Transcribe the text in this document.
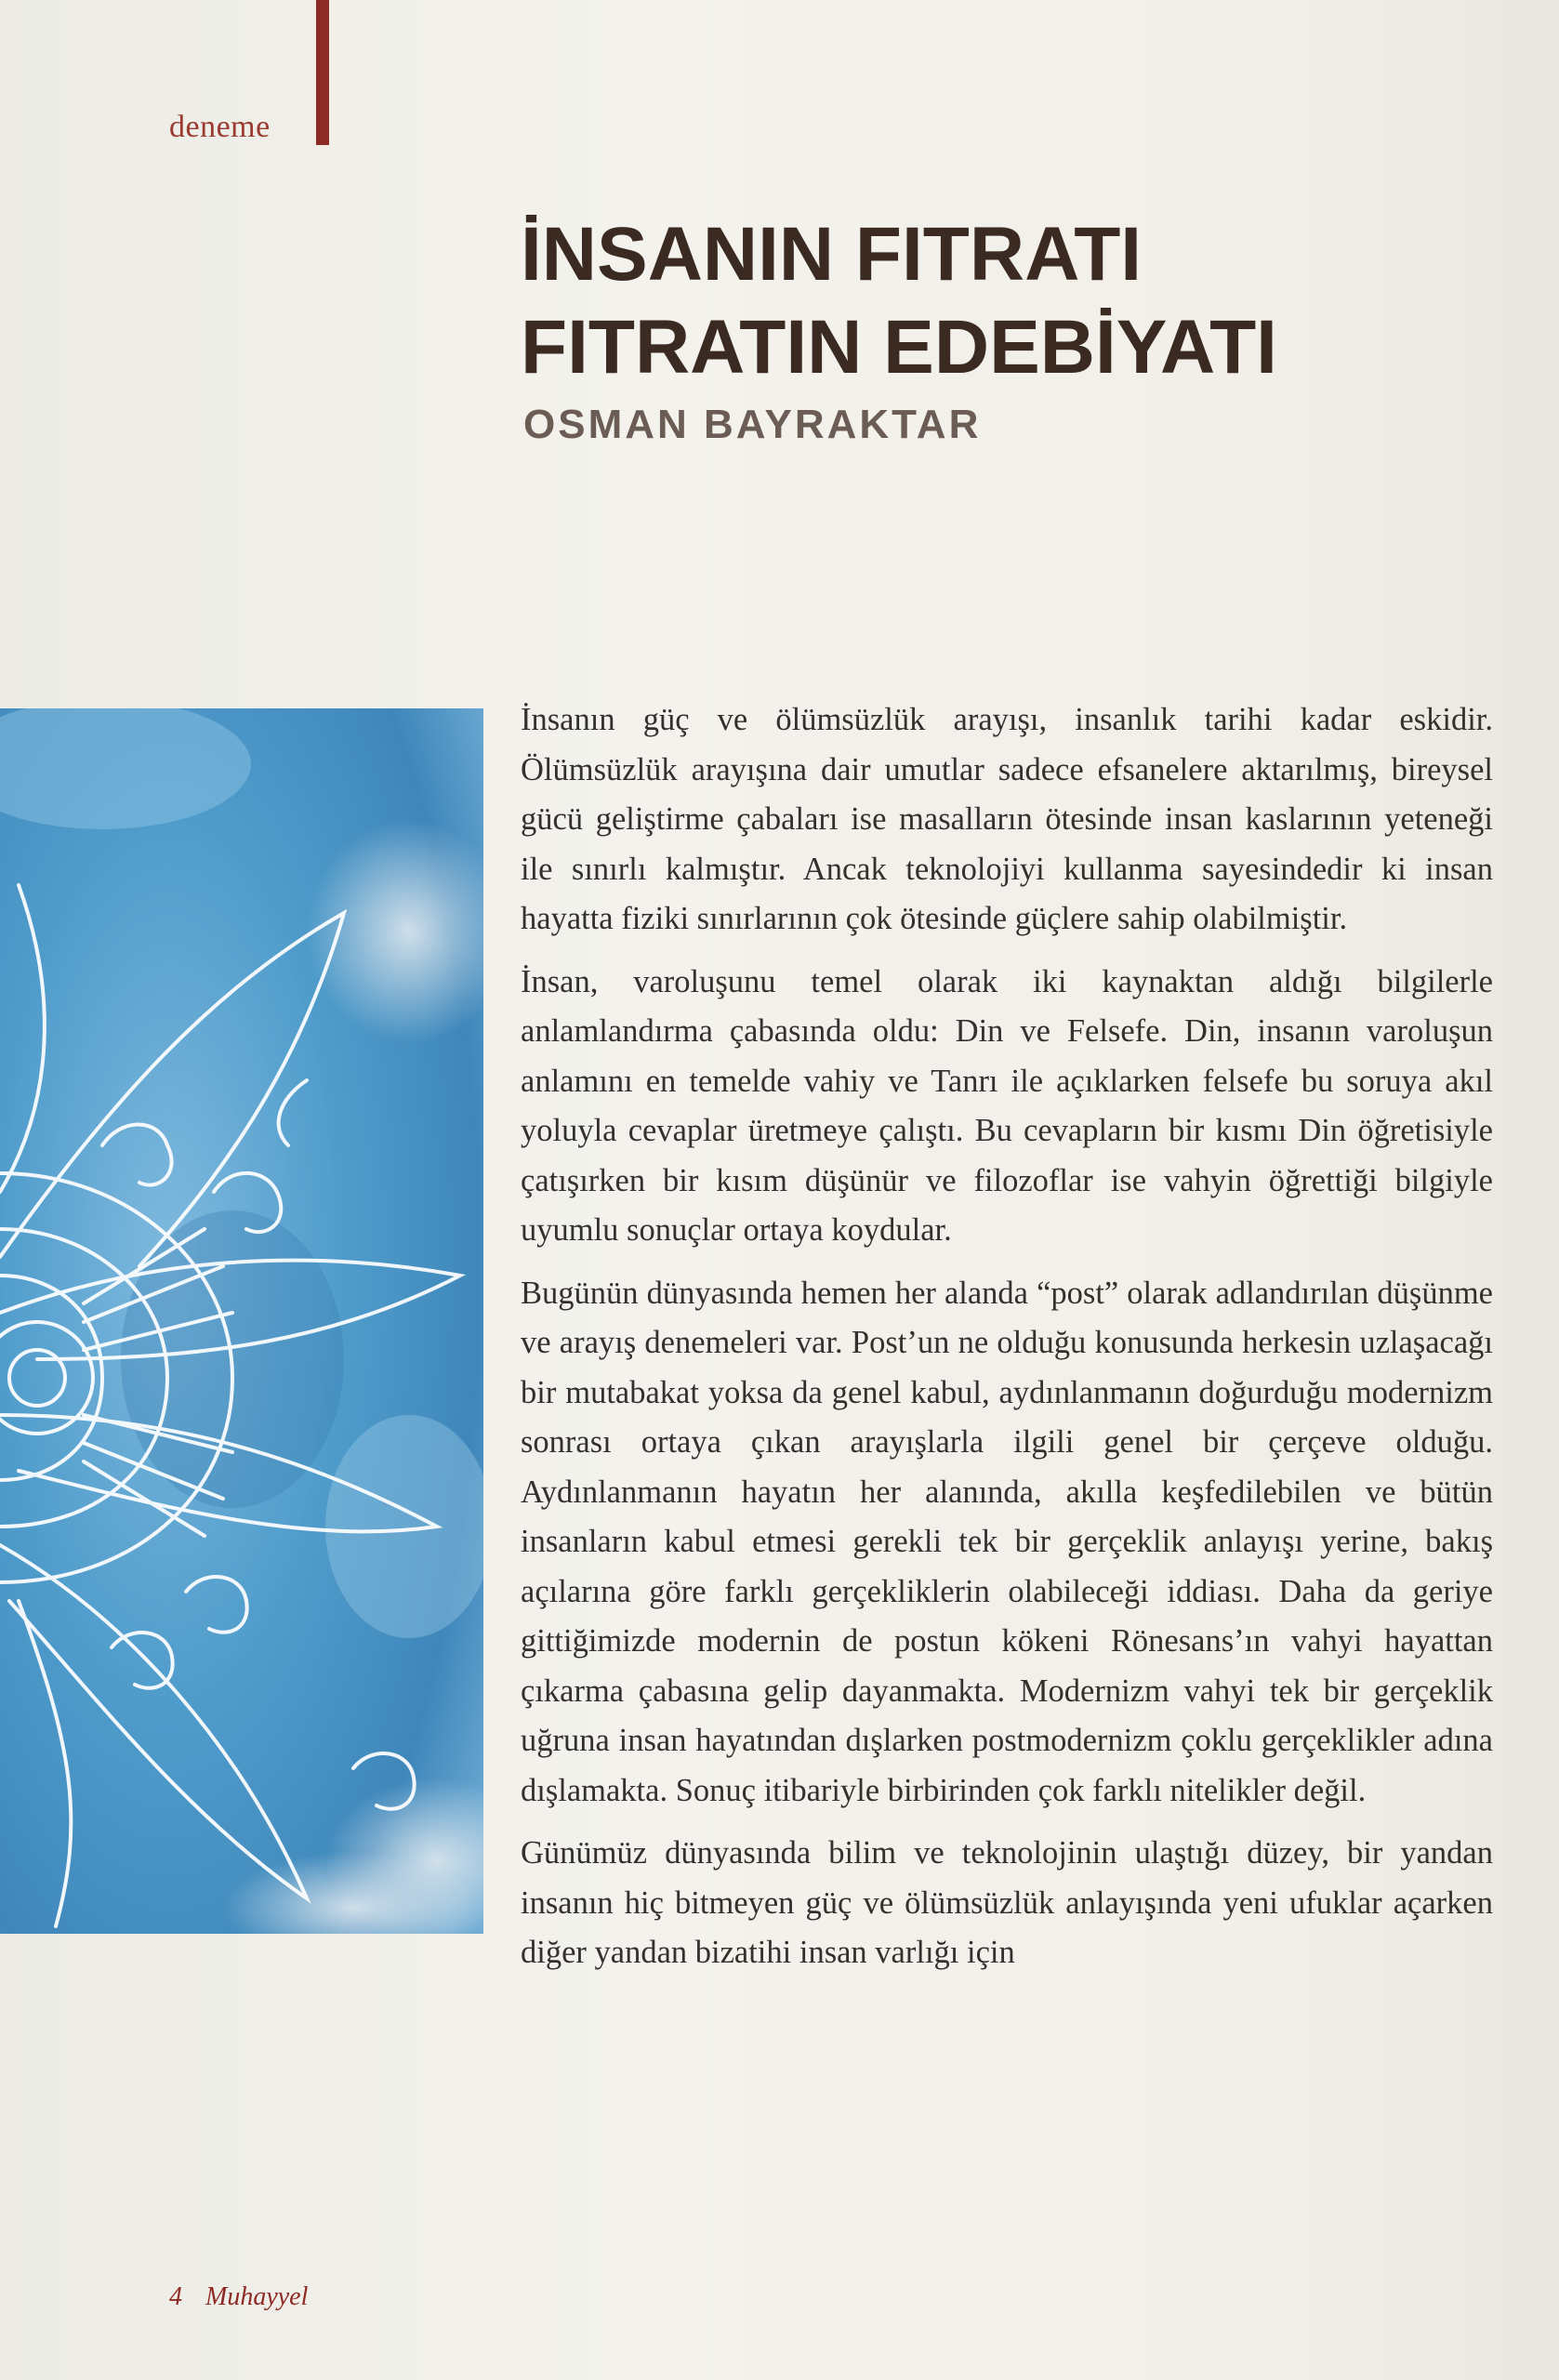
deneme
İNSANIN FITRATI
FITRATIN EDEBİYATI
OSMAN BAYRAKTAR

İnsanın güç ve ölümsüzlük arayışı, insanlık tarihi kadar eskidir. Ölümsüzlük arayışına dair umutlar sadece efsanelere aktarılmış, bireysel gücü geliştirme çabaları ise masalların ötesinde insan kaslarının yeteneği ile sınırlı kalmıştır. Ancak teknolojiyi kullanma sayesindedir ki insan hayatta fiziki sınırlarının çok ötesinde güçlere sahip olabilmiştir.

İnsan, varoluşunu temel olarak iki kaynaktan aldığı bilgilerle anlamlandırma çabasında oldu: Din ve Felsefe. Din, insanın varoluşun anlamını en temelde vahiy ve Tanrı ile açıklarken felsefe bu soruya akıl yoluyla cevaplar üretmeye çalıştı. Bu cevapların bir kısmı Din öğretisiyle çatışırken bir kısım düşünür ve filozoflar ise vahyin öğrettiği bilgiyle uyumlu sonuçlar ortaya koydular.

Bugünün dünyasında hemen her alanda “post” olarak adlandırılan düşünme ve arayış denemeleri var. Post’un ne olduğu konusunda herkesin uzlaşacağı bir mutabakat yoksa da genel kabul, aydınlanmanın doğurduğu modernizm sonrası ortaya çıkan arayışlarla ilgili genel bir çerçeve olduğu. Aydınlanmanın hayatın her alanında, akılla keşfedilebilen ve bütün insanların kabul etmesi gerekli tek bir gerçeklik anlayışı yerine, bakış açılarına göre farklı gerçekliklerin olabileceği iddiası. Daha da geriye gittiğimizde modernin de postun kökeni Rönesans’ın vahyi hayattan çıkarma çabasına gelip dayanmakta. Modernizm vahyi tek bir gerçeklik uğruna insan hayatından dışlarken postmodernizm çoklu gerçeklikler adına dışlamakta. Sonuç itibariyle birbirinden çok farklı nitelikler değil.

Günümüz dünyasında bilim ve teknolojinin ulaştığı düzey, bir yandan insanın hiç bitmeyen güç ve ölümsüzlük anlayışında yeni ufuklar açarken diğer yandan bizatihi insan varlığı için

4 Muhayyel
